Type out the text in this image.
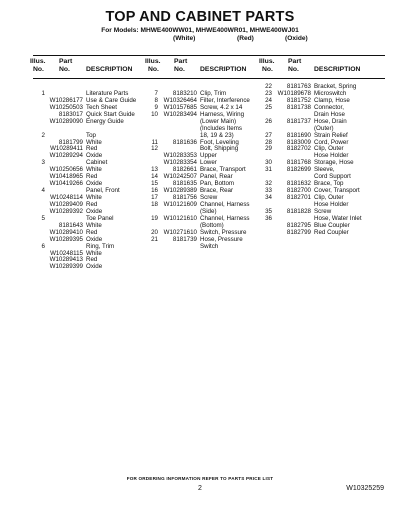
TOP AND CABINET PARTS
For Models: MHWE400WW01, MHWE400WR01, MHWE400WJ01
(White)	(Red)	(Oxide)
Illus.
No.
Part
No.	DESCRIPTION
1	Literature Parts
W10286177 Use & Care Guide
W10250503 Tech Sheet
8183017 Quick Start Guide
W10289090 Energy Guide
2	Top
8181799 White
W10289411 Red
W10289294 Oxide
3	Cabinet
W10250656 White
W10418965 Red
W10419266 Oxide
4	Panel, Front
W10248114 White
W10289409 Red
W10289392 Oxide
5	Toe Panel
8181643 White
W10289410 Red
W10289395 Oxide
6	Ring, Trim
W10248115 White
W10289413 Red
W10289399 Oxide
Illus.
No.
Part
No.	DESCRIPTION
7	8183210 Clip, Trim
8 W10326464 Filter, Interference
9 W10157685 Screw, 4.2 x 14
10 W10283494 Harness, Wiring
(Lower Main)
(Includes Items
18, 19 & 23)
11	8181636 Foot, Leveling
12	Bolt, Shipping
W10283353 Upper
W10283354 Lower
13	8182661 Brace, Transport
14 W10242507 Panel, Rear
15	8181635 Pan, Bottom
16 W10289389 Brace, Rear
17	8181756 Screw
18 W10121609 Channel, Harness
(Side)
19 W10121610 Channel, Harness
(Bottom)
20 W10271610 Switch, Pressure
21	8181739 Hose, Pressure
Switch
Illus.
No.
Part
No.	DESCRIPTION
22	8181763 Bracket, Spring
23 W10189678 Microswitch
24	8181752 Clamp, Hose
25	8181738 Connector,
Drain Hose
26	8181737 Hose, Drain
(Outer)
27	8181690 Strain Relief
28	8183009 Cord, Power
29	8182702 Clip, Outer
Hose Holder
30	8181768 Storage, Hose
31	8182699 Sleeve,
Cord Support
32	8181632 Brace, Top
33	8182700 Cover, Transport
34	8182701 Clip, Outer
Hose Holder
35	8181828 Screw
36	Hose, Water Inlet
8182795 Blue Coupler
8182799 Red Coupler
FOR ORDERING INFORMATION REFER TO PARTS PRICE LIST
2	W10325259
